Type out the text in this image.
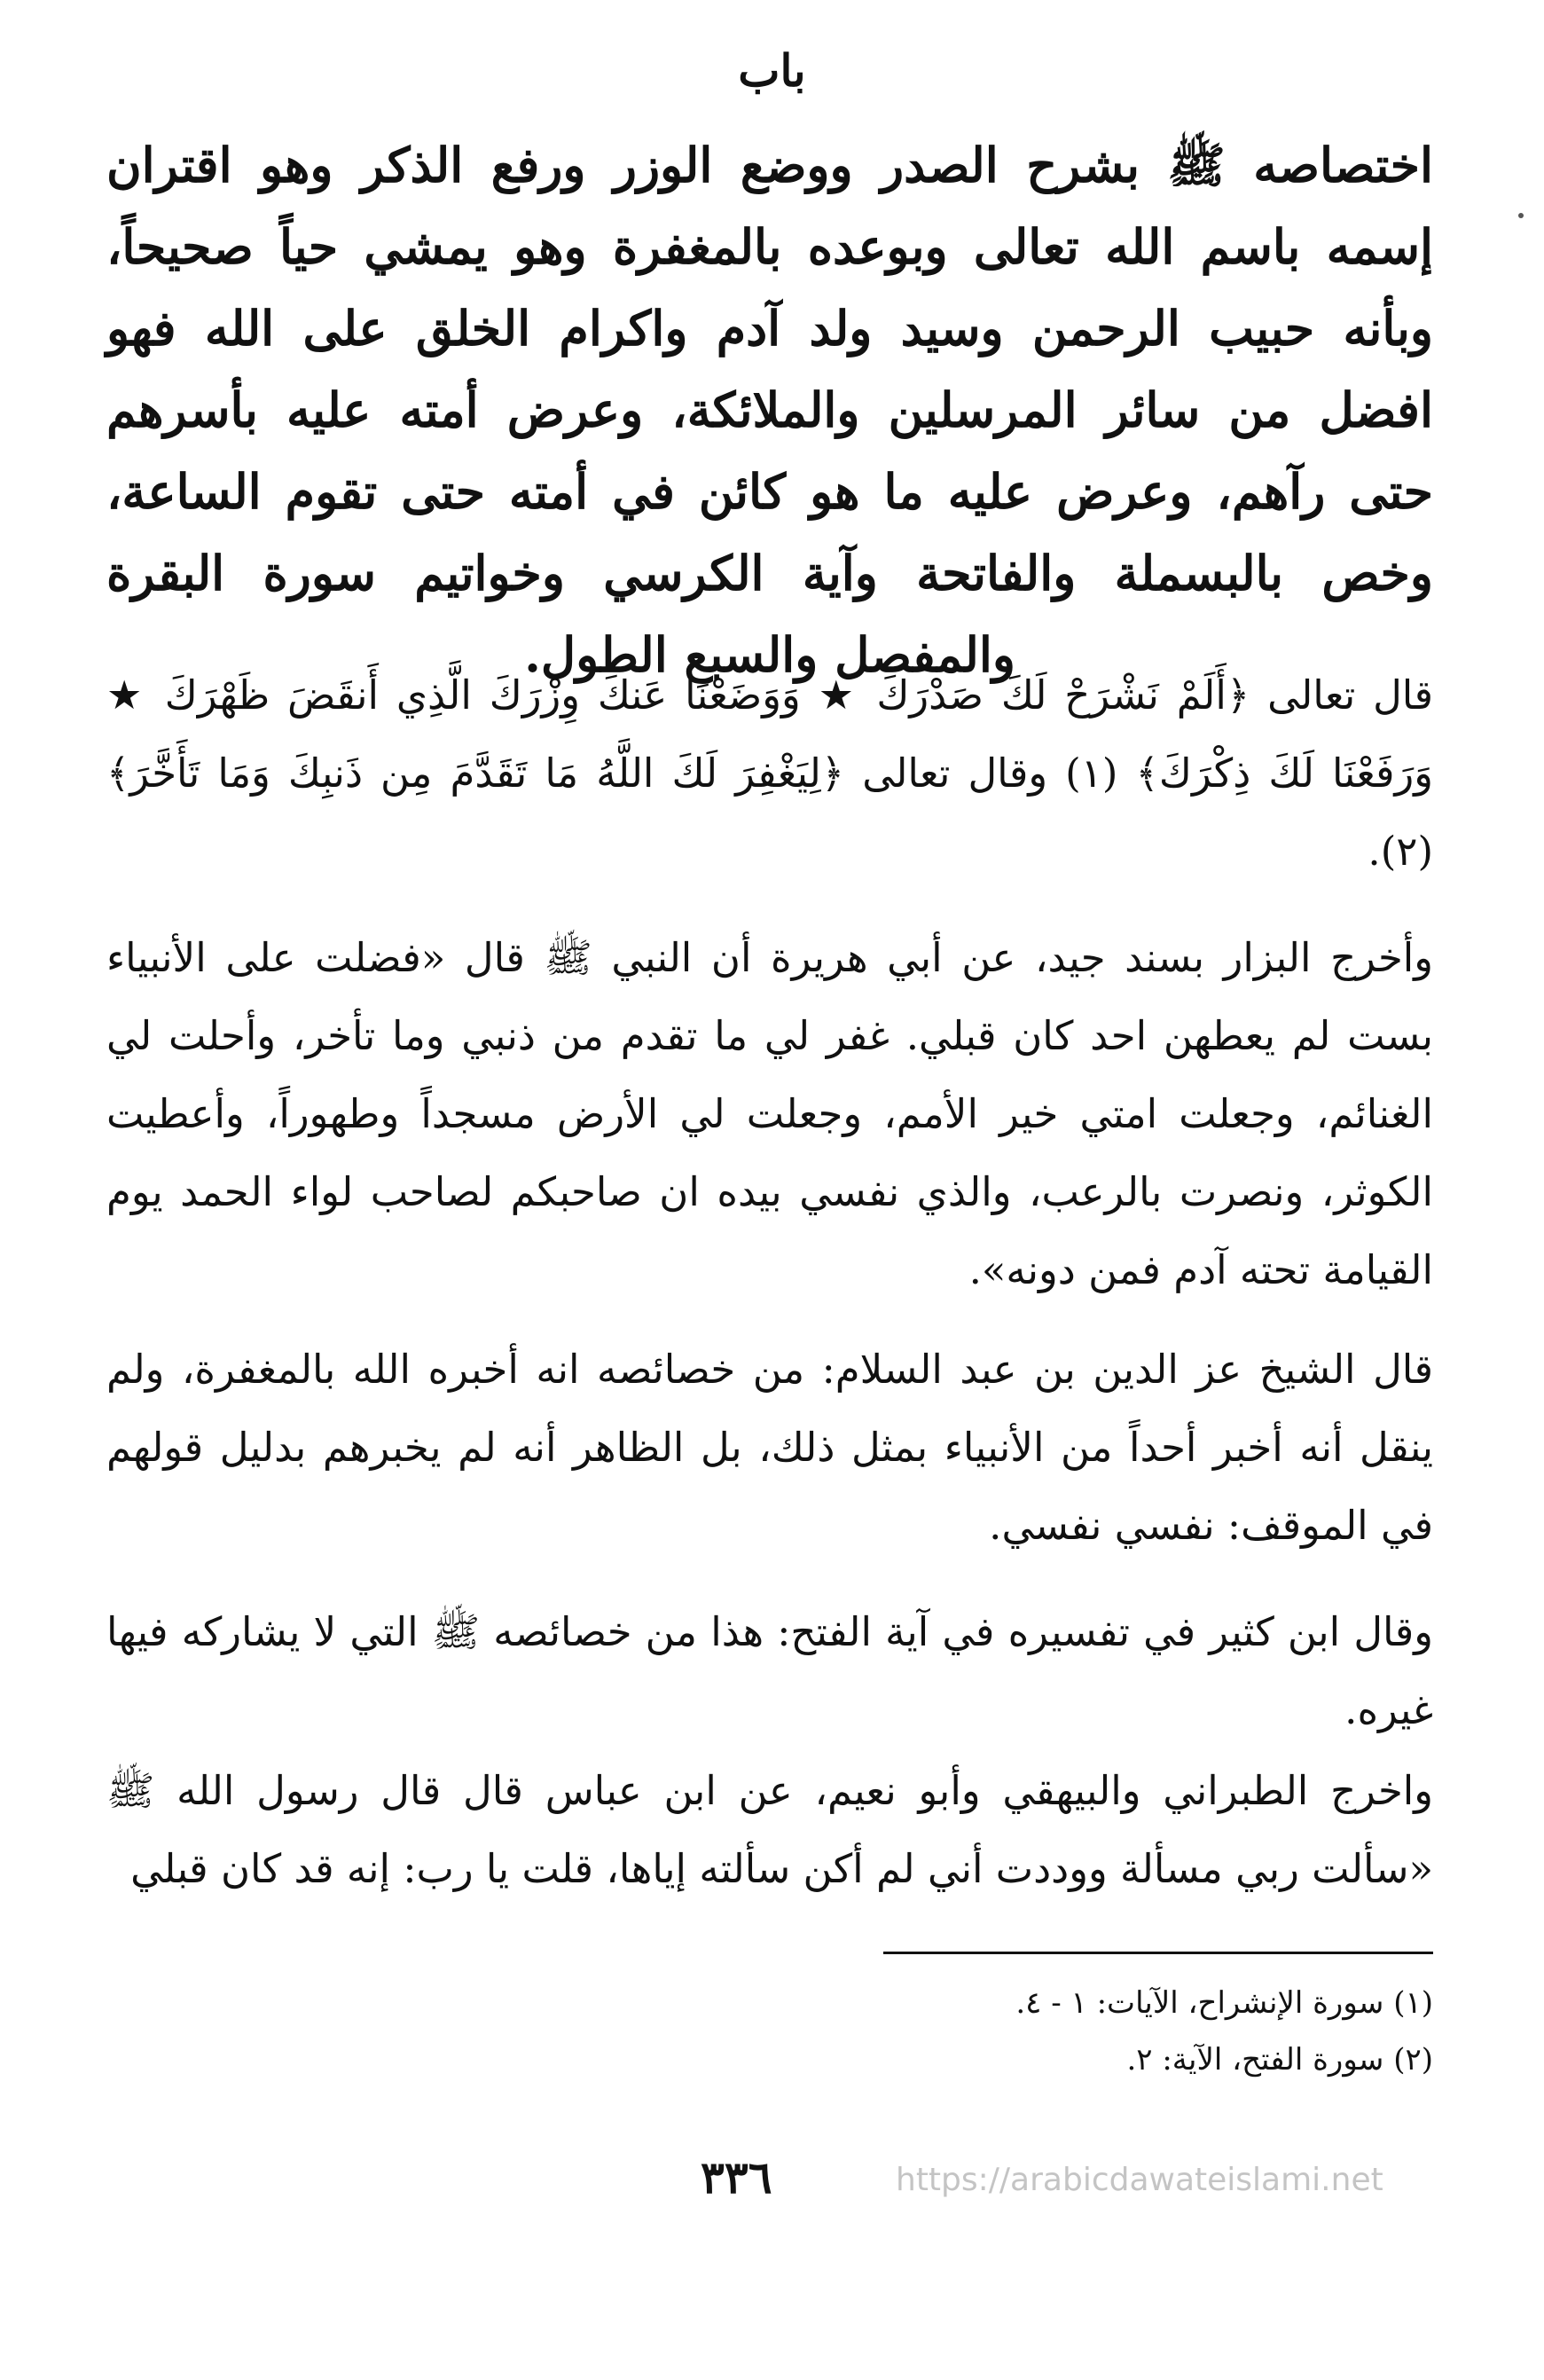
باب
اختصاصه ﷺ بشرح الصدر ووضع الوزر ورفع الذكر وهو اقتران إسمه باسم الله تعالى وبوعده بالمغفرة وهو يمشي حياً صحيحاً، وبأنه حبيب الرحمن وسيد ولد آدم واكرام الخلق على الله فهو افضل من سائر المرسلين والملائكة، وعرض أمته عليه بأسرهم حتى رآهم، وعرض عليه ما هو كائن في أمته حتى تقوم الساعة، وخص بالبسملة والفاتحة وآية الكرسي وخواتيم سورة البقرة والمفصل والسبع الطول.
قال تعالى ﴿أَلَمْ نَشْرَحْ لَكَ صَدْرَكَ ★ وَوَضَعْنَا عَنكَ وِزْرَكَ الَّذِي أَنقَضَ ظَهْرَكَ ★ وَرَفَعْنَا لَكَ ذِكْرَكَ﴾ (١) وقال تعالى ﴿لِيَغْفِرَ لَكَ اللَّهُ مَا تَقَدَّمَ مِن ذَنبِكَ وَمَا تَأَخَّرَ﴾ (٢).
وأخرج البزار بسند جيد، عن أبي هريرة أن النبي ﷺ قال «فضلت على الأنبياء بست لم يعطهن احد كان قبلي. غفر لي ما تقدم من ذنبي وما تأخر، وأحلت لي الغنائم، وجعلت امتي خير الأمم، وجعلت لي الأرض مسجداً وطهوراً، وأعطيت الكوثر، ونصرت بالرعب، والذي نفسي بيده ان صاحبكم لصاحب لواء الحمد يوم القيامة تحته آدم فمن دونه».
قال الشيخ عز الدين بن عبد السلام: من خصائصه انه أخبره الله بالمغفرة، ولم ينقل أنه أخبر أحداً من الأنبياء بمثل ذلك، بل الظاهر أنه لم يخبرهم بدليل قولهم في الموقف: نفسي نفسي.
وقال ابن كثير في تفسيره في آية الفتح: هذا من خصائصه ﷺ التي لا يشاركه فيها غيره.
واخرج الطبراني والبيهقي وأبو نعيم، عن ابن عباس قال قال رسول الله ﷺ «سألت ربي مسألة ووددت أني لم أكن سألته إياها، قلت يا رب: إنه قد كان قبلي
(١) سورة الإنشراح، الآيات: ١ - ٤.
(٢) سورة الفتح، الآية: ٢.
٣٣٦	https://arabicdawateislami.net
